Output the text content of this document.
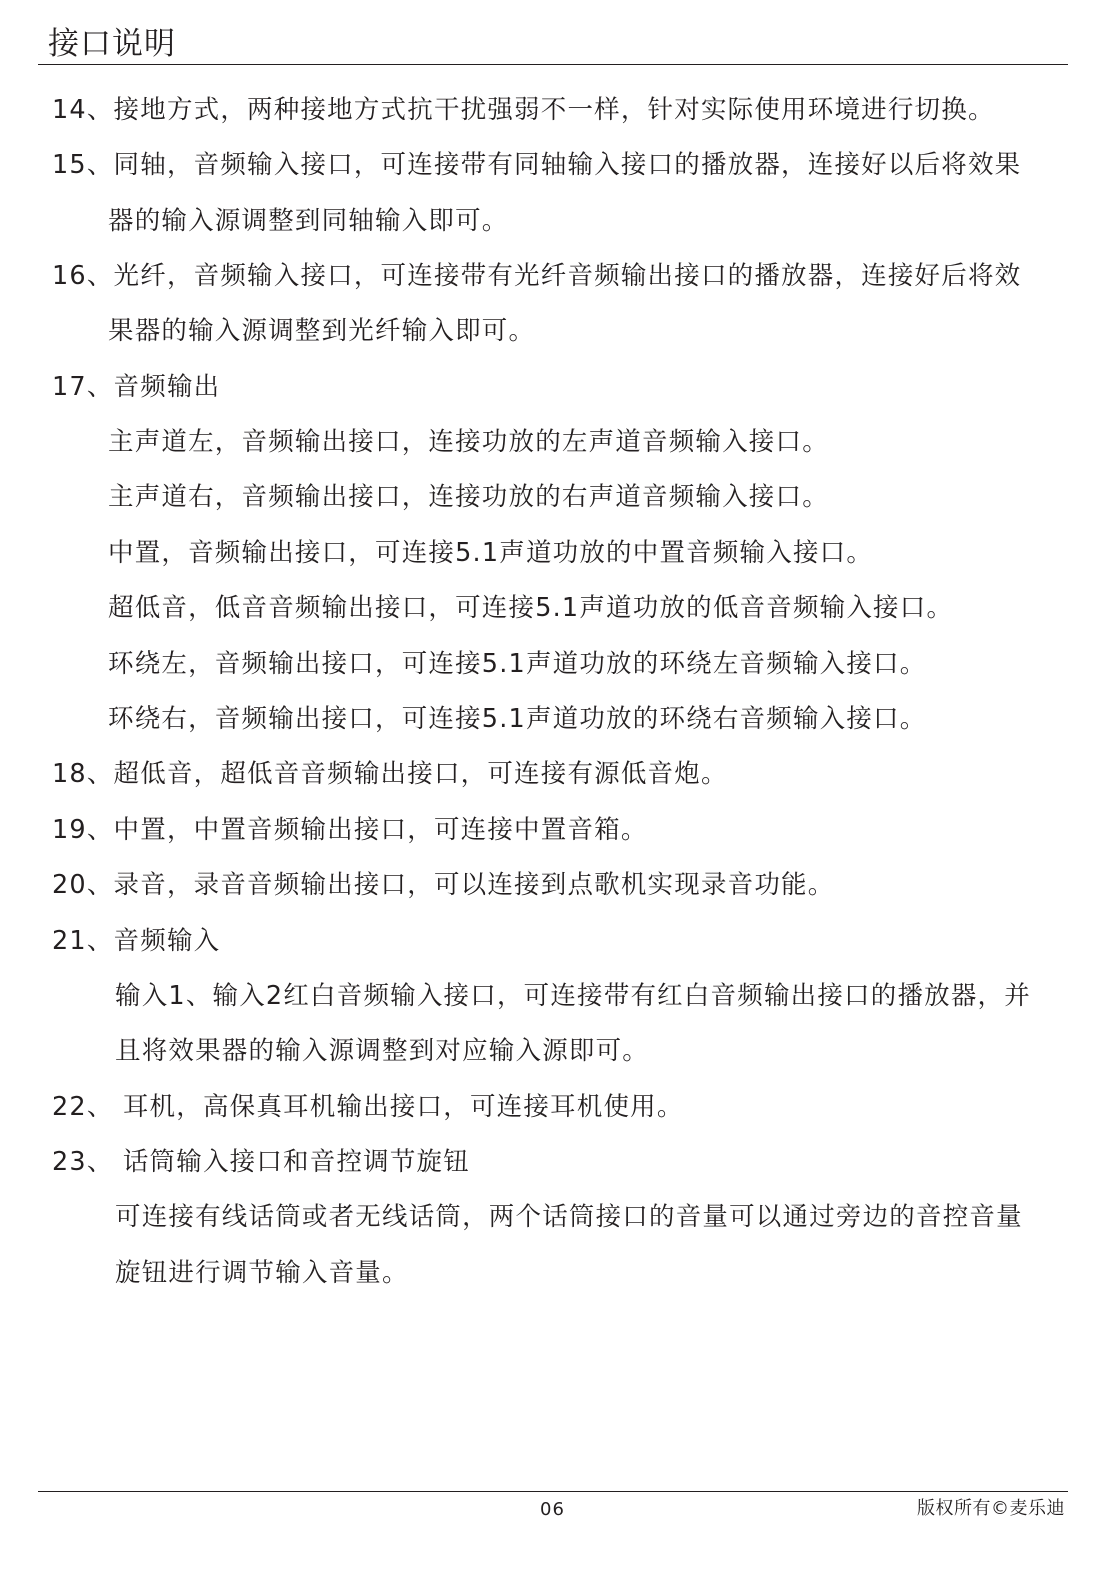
接口说明
14、接地方式，两种接地方式抗干扰强弱不一样，针对实际使用环境进行切换。
15、同轴，音频输入接口，可连接带有同轴输入接口的播放器，连接好以后将效果
器的输入源调整到同轴输入即可。
16、光纤，音频输入接口，可连接带有光纤音频输出接口的播放器，连接好后将效
果器的输入源调整到光纤输入即可。
17、音频输出
主声道左，音频输出接口，连接功放的左声道音频输入接口。
主声道右，音频输出接口，连接功放的右声道音频输入接口。
中置，音频输出接口，可连接5.1声道功放的中置音频输入接口。
超低音，低音音频输出接口，可连接5.1声道功放的低音音频输入接口。
环绕左，音频输出接口，可连接5.1声道功放的环绕左音频输入接口。
环绕右，音频输出接口，可连接5.1声道功放的环绕右音频输入接口。
18、超低音，超低音音频输出接口，可连接有源低音炮。
19、中置，中置音频输出接口，可连接中置音箱。
20、录音，录音音频输出接口，可以连接到点歌机实现录音功能。
21、音频输入
输入1、输入2红白音频输入接口，可连接带有红白音频输出接口的播放器，并
且将效果器的输入源调整到对应输入源即可。
22、 耳机，高保真耳机输出接口，可连接耳机使用。
23、 话筒输入接口和音控调节旋钮
可连接有线话筒或者无线话筒，两个话筒接口的音量可以通过旁边的音控音量
旋钮进行调节输入音量。
06	版权所有©麦乐迪
